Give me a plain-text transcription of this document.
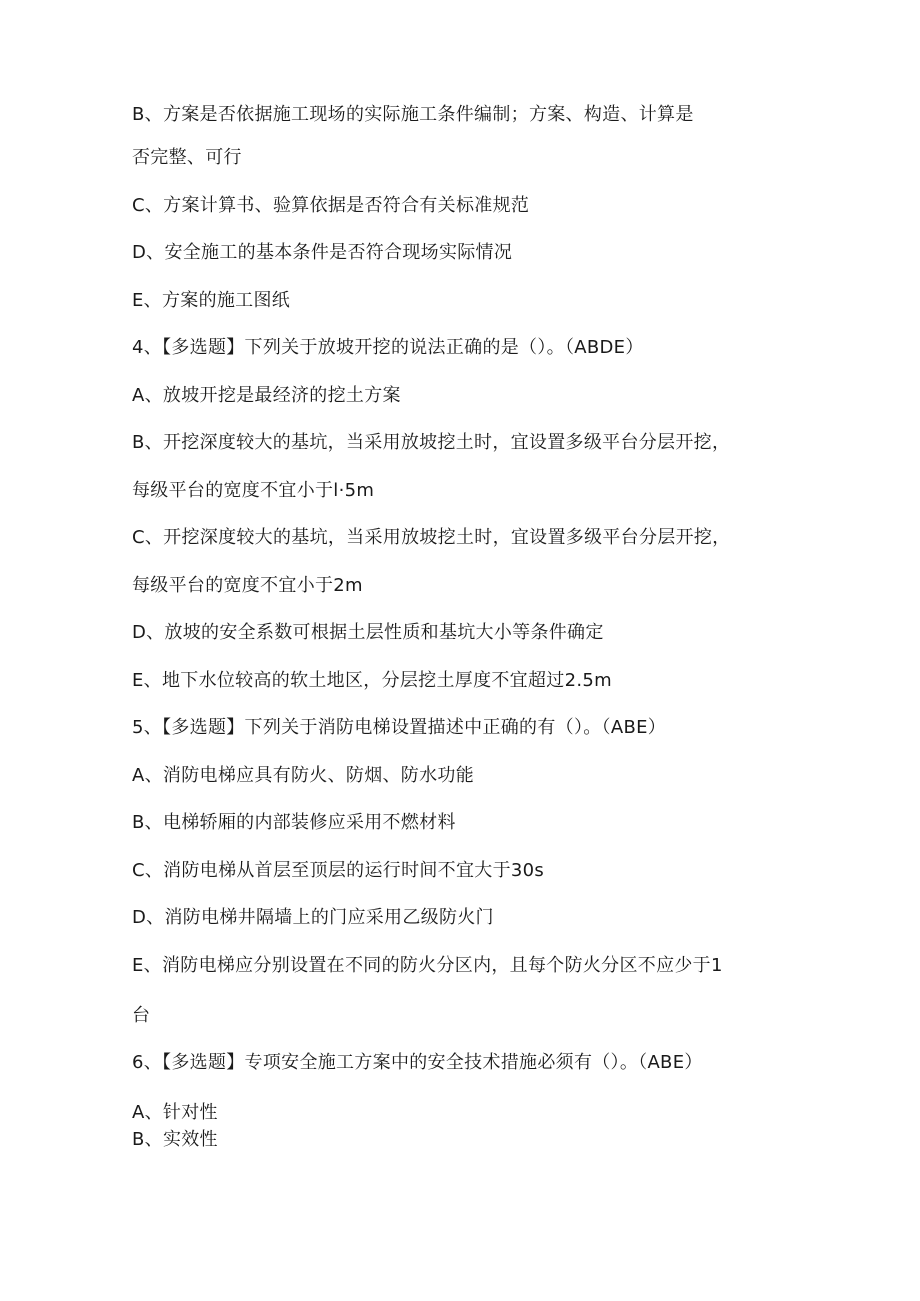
B、方案是否依据施工现场的实际施工条件编制；方案、构造、计算是
否完整、可行
C、方案计算书、验算依据是否符合有关标准规范
D、安全施工的基本条件是否符合现场实际情况
E、方案的施工图纸
4、【多选题】下列关于放坡开挖的说法正确的是（）。（ABDE）
A、放坡开挖是最经济的挖土方案
B、开挖深度较大的基坑，当采用放坡挖土时，宜设置多级平台分层开挖，
每级平台的宽度不宜小于l·5m
C、开挖深度较大的基坑，当采用放坡挖土时，宜设置多级平台分层开挖，
每级平台的宽度不宜小于2m
D、放坡的安全系数可根据土层性质和基坑大小等条件确定
E、地下水位较高的软土地区，分层挖土厚度不宜超过2.5m
5、【多选题】下列关于消防电梯设置描述中正确的有（）。（ABE）
A、消防电梯应具有防火、防烟、防水功能
B、电梯轿厢的内部装修应采用不燃材料
C、消防电梯从首层至顶层的运行时间不宜大于30s
D、消防电梯井隔墙上的门应采用乙级防火门
E、消防电梯应分别设置在不同的防火分区内，且每个防火分区不应少于1
台
6、【多选题】专项安全施工方案中的安全技术措施必须有（）。（ABE）
A、针对性
B、实效性
